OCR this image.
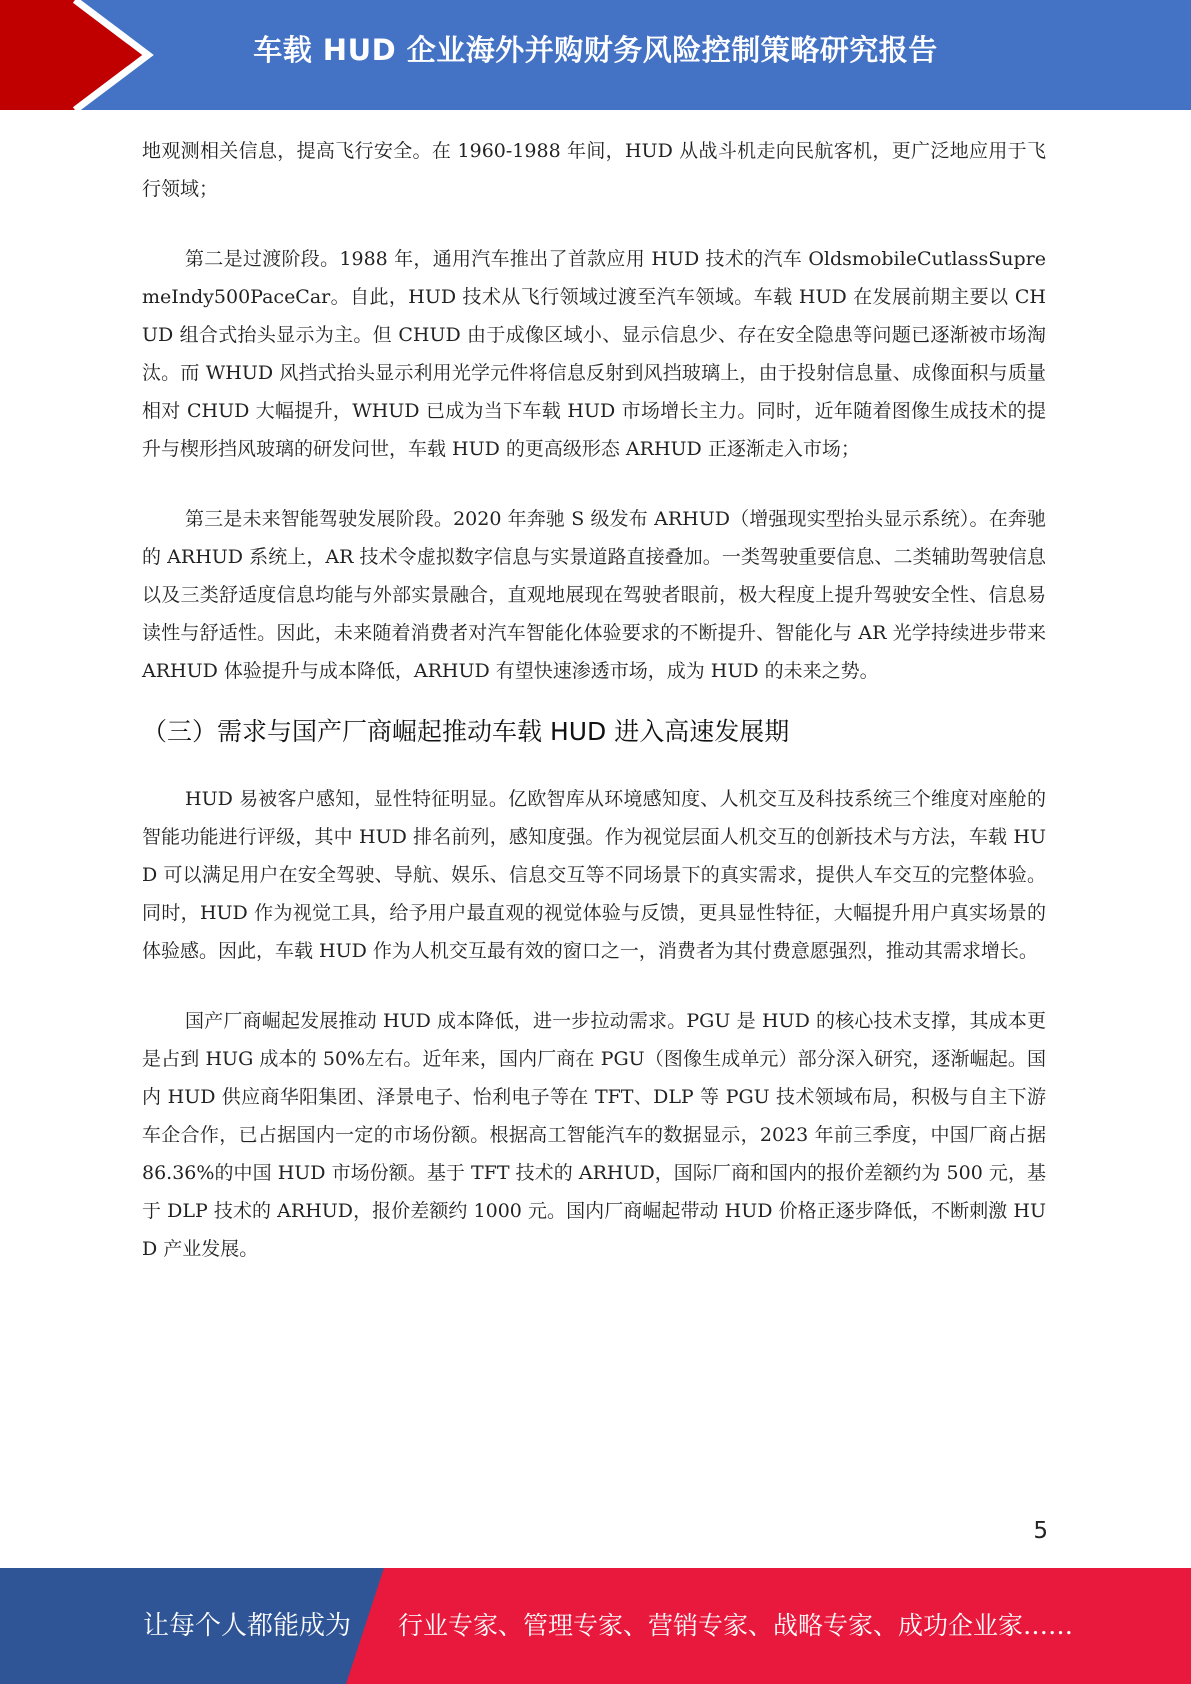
车载 HUD 企业海外并购财务风险控制策略研究报告

地观测相关信息，提高飞行安全。在 1960-1988 年间，HUD 从战斗机走向民航客机，更广泛地应用于飞行领域；

第二是过渡阶段。1988 年，通用汽车推出了首款应用 HUD 技术的汽车 OldsmobileCutlassSupremeIndy500PaceCar。自此，HUD 技术从飞行领域过渡至汽车领域。车载 HUD 在发展前期主要以 CHUD 组合式抬头显示为主。但 CHUD 由于成像区域小、显示信息少、存在安全隐患等问题已逐渐被市场淘汰。而 WHUD 风挡式抬头显示利用光学元件将信息反射到风挡玻璃上，由于投射信息量、成像面积与质量相对 CHUD 大幅提升，WHUD 已成为当下车载 HUD 市场增长主力。同时，近年随着图像生成技术的提升与楔形挡风玻璃的研发问世，车载 HUD 的更高级形态 ARHUD 正逐渐走入市场；

第三是未来智能驾驶发展阶段。2020 年奔驰 S 级发布 ARHUD（增强现实型抬头显示系统）。在奔驰的 ARHUD 系统上，AR 技术令虚拟数字信息与实景道路直接叠加。一类驾驶重要信息、二类辅助驾驶信息以及三类舒适度信息均能与外部实景融合，直观地展现在驾驶者眼前，极大程度上提升驾驶安全性、信息易读性与舒适性。因此，未来随着消费者对汽车智能化体验要求的不断提升、智能化与 AR 光学持续进步带来 ARHUD 体验提升与成本降低，ARHUD 有望快速渗透市场，成为 HUD 的未来之势。

（三）需求与国产厂商崛起推动车载 HUD 进入高速发展期

HUD 易被客户感知，显性特征明显。亿欧智库从环境感知度、人机交互及科技系统三个维度对座舱的智能功能进行评级，其中 HUD 排名前列，感知度强。作为视觉层面人机交互的创新技术与方法，车载 HUD 可以满足用户在安全驾驶、导航、娱乐、信息交互等不同场景下的真实需求，提供人车交互的完整体验。同时，HUD 作为视觉工具，给予用户最直观的视觉体验与反馈，更具显性特征，大幅提升用户真实场景的体验感。因此，车载 HUD 作为人机交互最有效的窗口之一，消费者为其付费意愿强烈，推动其需求增长。

国产厂商崛起发展推动 HUD 成本降低，进一步拉动需求。PGU 是 HUD 的核心技术支撑，其成本更是占到 HUG 成本的 50%左右。近年来，国内厂商在 PGU（图像生成单元）部分深入研究，逐渐崛起。国内 HUD 供应商华阳集团、泽景电子、怡利电子等在 TFT、DLP 等 PGU 技术领域布局，积极与自主下游车企合作，已占据国内一定的市场份额。根据高工智能汽车的数据显示，2023 年前三季度，中国厂商占据 86.36%的中国 HUD 市场份额。基于 TFT 技术的 ARHUD，国际厂商和国内的报价差额约为 500 元，基于 DLP 技术的 ARHUD，报价差额约 1000 元。国内厂商崛起带动 HUD 价格正逐步降低，不断刺激 HUD 产业发展。

5
让每个人都能成为 行业专家、管理专家、营销专家、战略专家、成功企业家……
